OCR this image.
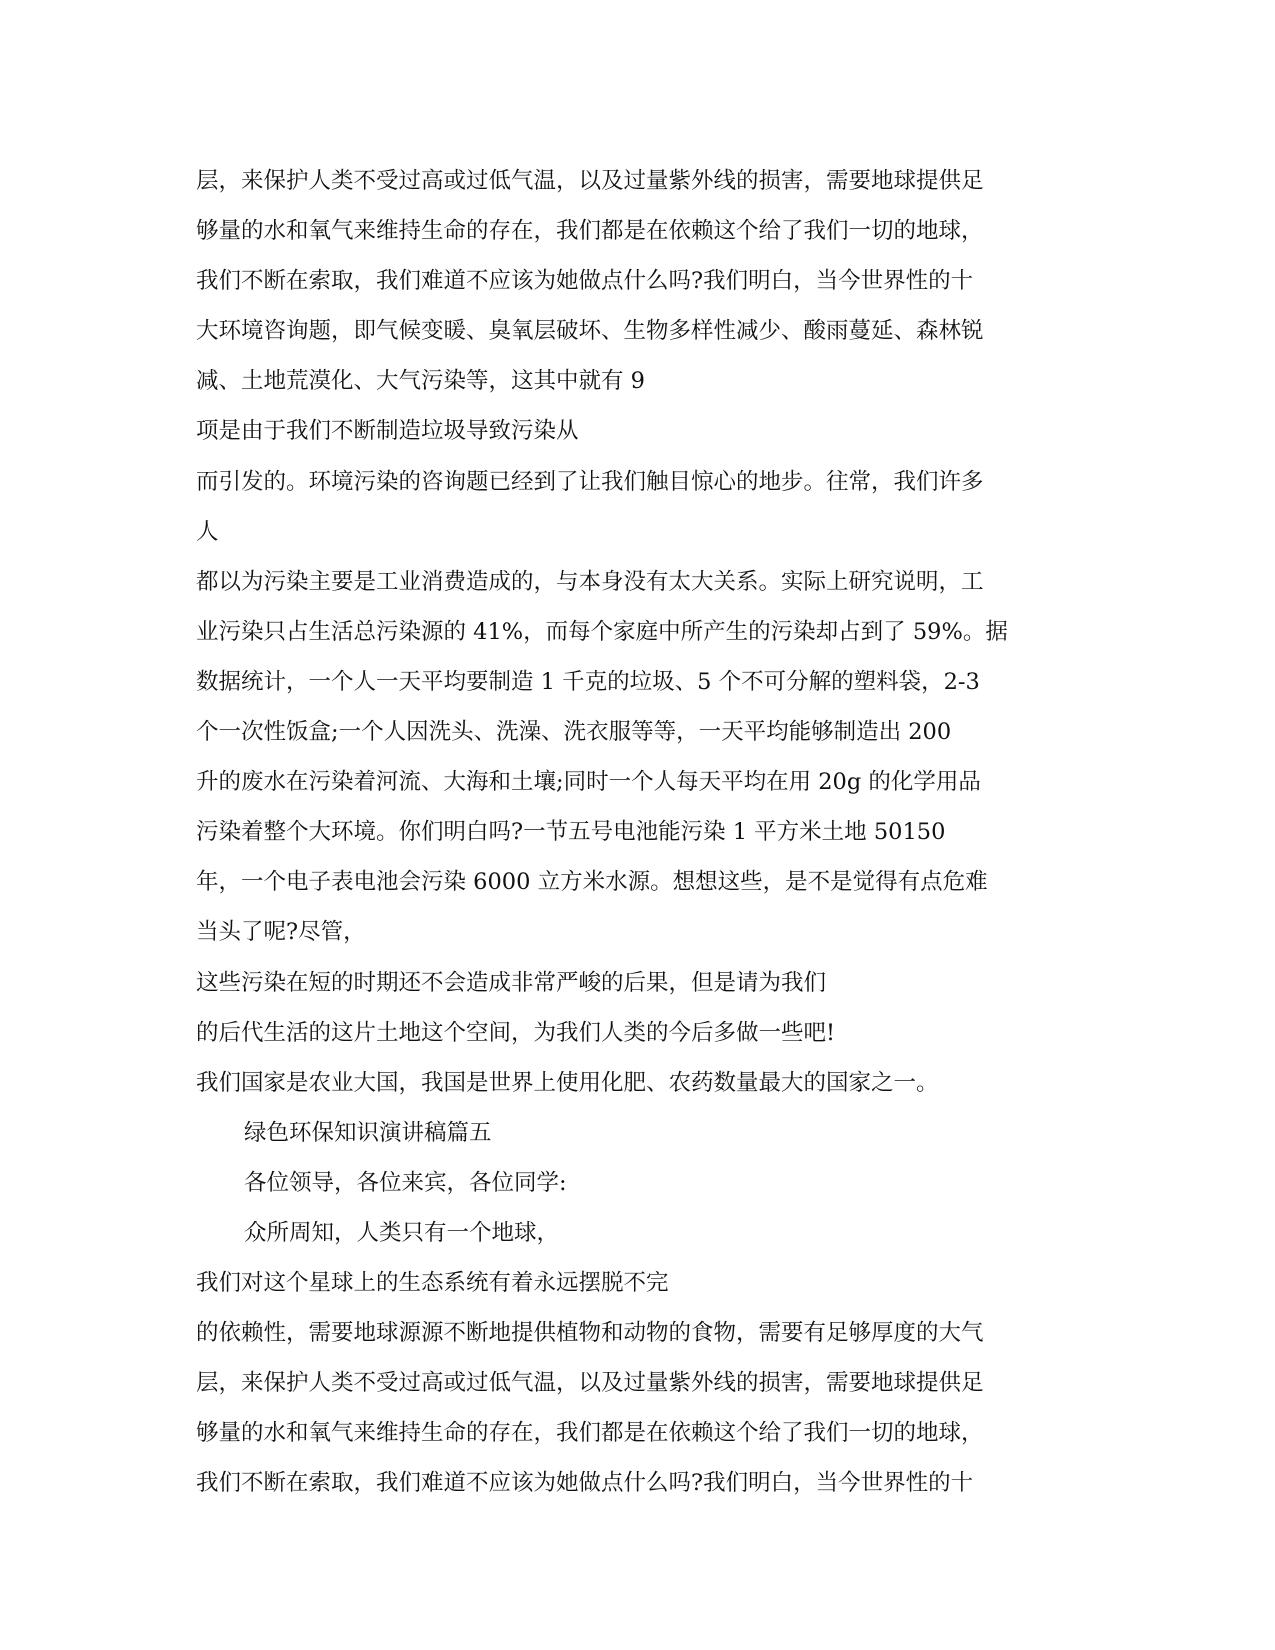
层，来保护人类不受过高或过低气温，以及过量紫外线的损害，需要地球提供足
够量的水和氧气来维持生命的存在，我们都是在依赖这个给了我们一切的地球，
我们不断在索取，我们难道不应该为她做点什么吗?我们明白，当今世界性的十
大环境咨询题，即气候变暖、臭氧层破坏、生物多样性减少、酸雨蔓延、森林锐
减、土地荒漠化、大气污染等，这其中就有 9
项是由于我们不断制造垃圾导致污染从
而引发的。环境污染的咨询题已经到了让我们触目惊心的地步。往常，我们许多
人
都以为污染主要是工业消费造成的，与本身没有太大关系。实际上研究说明，工
业污染只占生活总污染源的 41%，而每个家庭中所产生的污染却占到了 59%。据
数据统计，一个人一天平均要制造 1 千克的垃圾、5 个不可分解的塑料袋，2-3
个一次性饭盒;一个人因洗头、洗澡、洗衣服等等，一天平均能够制造出 200
升的废水在污染着河流、大海和土壤;同时一个人每天平均在用 20g 的化学用品
污染着整个大环境。你们明白吗?一节五号电池能污染 1 平方米土地 50150
年，一个电子表电池会污染 6000 立方米水源。想想这些，是不是觉得有点危难
当头了呢?尽管，
这些污染在短的时期还不会造成非常严峻的后果，但是请为我们
的后代生活的这片土地这个空间，为我们人类的今后多做一些吧!
我们国家是农业大国，我国是世界上使用化肥、农药数量最大的国家之一。
绿色环保知识演讲稿篇五
各位领导，各位来宾，各位同学:
众所周知，人类只有一个地球，
我们对这个星球上的生态系统有着永远摆脱不完
的依赖性，需要地球源源不断地提供植物和动物的食物，需要有足够厚度的大气
层，来保护人类不受过高或过低气温，以及过量紫外线的损害，需要地球提供足
够量的水和氧气来维持生命的存在，我们都是在依赖这个给了我们一切的地球，
我们不断在索取，我们难道不应该为她做点什么吗?我们明白，当今世界性的十
